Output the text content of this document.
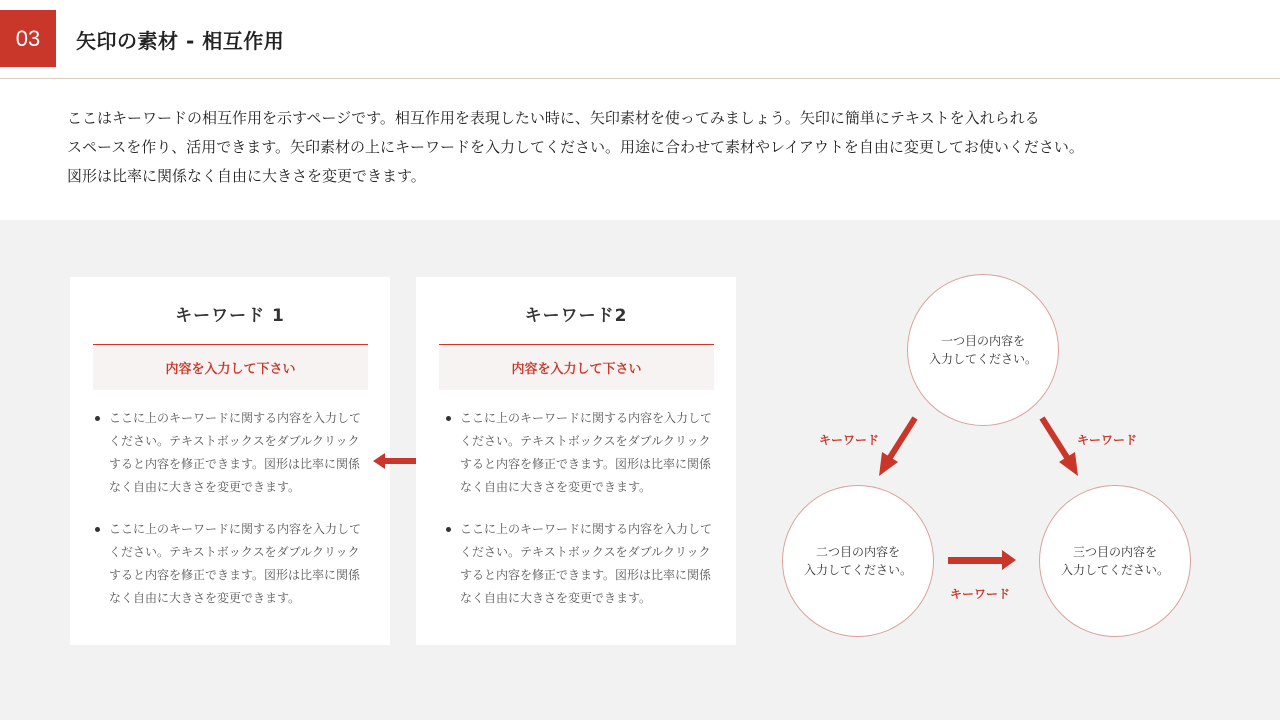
03	矢印の素材 - 相互作用

ここはキーワードの相互作用を示すページです。相互作用を表現したい時に、矢印素材を使ってみましょう。矢印に簡単にテキストを入れられる

スペースを作り、活用できます。矢印素材の上にキーワードを入力してください。用途に合わせて素材やレイアウトを自由に変更してお使いください。

図形は比率に関係なく自由に大きさを変更できます。

キーワード 1
内容を入力して下さい
ここに上のキーワードに関する内容を入力してください。テキストボックスをダブルクリックすると内容を修正できます。図形は比率に関係なく自由に大きさを変更できます。
ここに上のキーワードに関する内容を入力してください。テキストボックスをダブルクリックすると内容を修正できます。図形は比率に関係なく自由に大きさを変更できます。
キーワード2
内容を入力して下さい
ここに上のキーワードに関する内容を入力してください。テキストボックスをダブルクリックすると内容を修正できます。図形は比率に関係なく自由に大きさを変更できます。
ここに上のキーワードに関する内容を入力してください。テキストボックスをダブルクリックすると内容を修正できます。図形は比率に関係なく自由に大きさを変更できます。
一つ目の内容を
入力してください。
二つ目の内容を
入力してください。
三つ目の内容を
入力してください。
キーワード	キーワード
キーワード
